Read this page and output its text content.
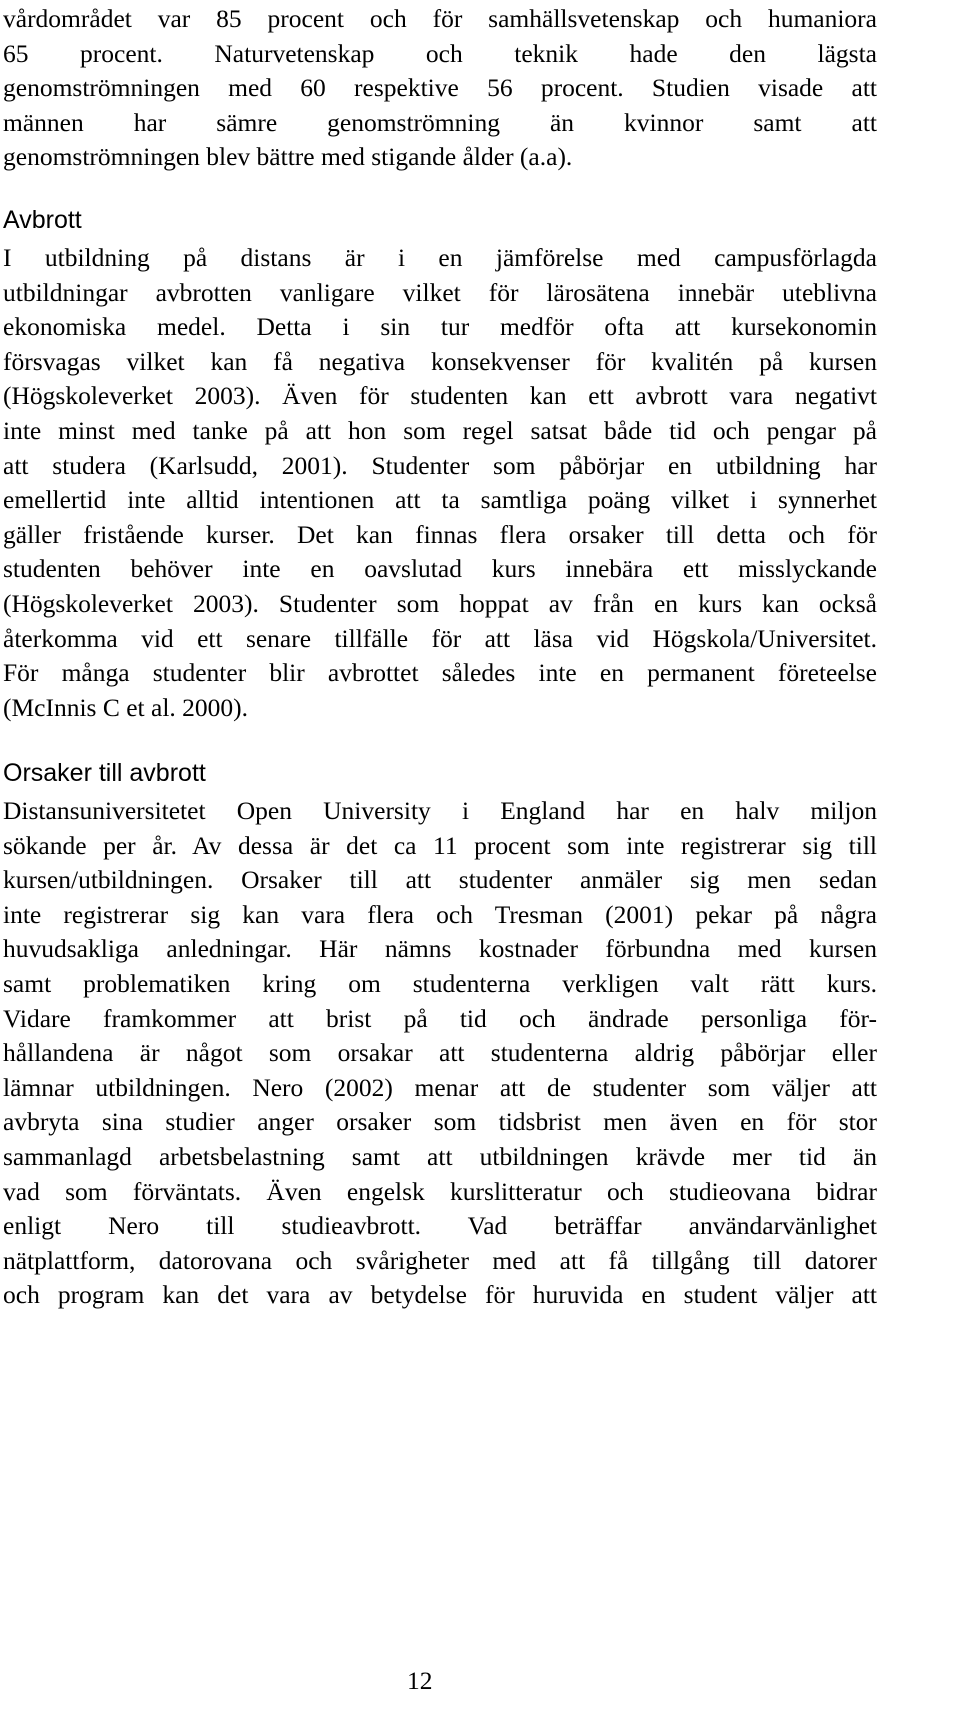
vårdområdet var 85 procent och för samhällsvetenskap och humaniora
65 procent. Naturvetenskap och teknik hade den lägsta
genomströmningen med 60 respektive 56 procent. Studien visade att
männen har sämre genomströmning än kvinnor samt att
genomströmningen blev bättre med stigande ålder (a.a).
Avbrott
I utbildning på distans är i en jämförelse med campusförlagda
utbildningar avbrotten vanligare vilket för lärosätena innebär uteblivna
ekonomiska medel. Detta i sin tur medför ofta att kursekonomin
försvagas vilket kan få negativa konsekvenser för kvalitén på kursen
(Högskoleverket 2003). Även för studenten kan ett avbrott vara negativt
inte minst med tanke på att hon som regel satsat både tid och pengar på
att studera (Karlsudd, 2001). Studenter som påbörjar en utbildning har
emellertid inte alltid intentionen att ta samtliga poäng vilket i synnerhet
gäller fristående kurser. Det kan finnas flera orsaker till detta och för
studenten behöver inte en oavslutad kurs innebära ett misslyckande
(Högskoleverket 2003). Studenter som hoppat av från en kurs kan också
återkomma vid ett senare tillfälle för att läsa vid Högskola/Universitet.
För många studenter blir avbrottet således inte en permanent företeelse
(McInnis C et al. 2000).
Orsaker till avbrott
Distansuniversitetet Open University i England har en halv miljon
sökande per år. Av dessa är det ca 11 procent som inte registrerar sig till
kursen/utbildningen. Orsaker till att studenter anmäler sig men sedan
inte registrerar sig kan vara flera och Tresman (2001) pekar på några
huvudsakliga anledningar. Här nämns kostnader förbundna med kursen
samt problematiken kring om studenterna verkligen valt rätt kurs.
Vidare framkommer att brist på tid och ändrade personliga för-
hållandena är något som orsakar att studenterna aldrig påbörjar eller
lämnar utbildningen. Nero (2002) menar att de studenter som väljer att
avbryta sina studier anger orsaker som tidsbrist men även en för stor
sammanlagd arbetsbelastning samt att utbildningen krävde mer tid än
vad som förväntats. Även engelsk kurslitteratur och studieovana bidrar
enligt Nero till studieavbrott. Vad beträffar användarvänlighet
nätplattform, datorovana och svårigheter med att få tillgång till datorer
och program kan det vara av betydelse för huruvida en student väljer att
12
